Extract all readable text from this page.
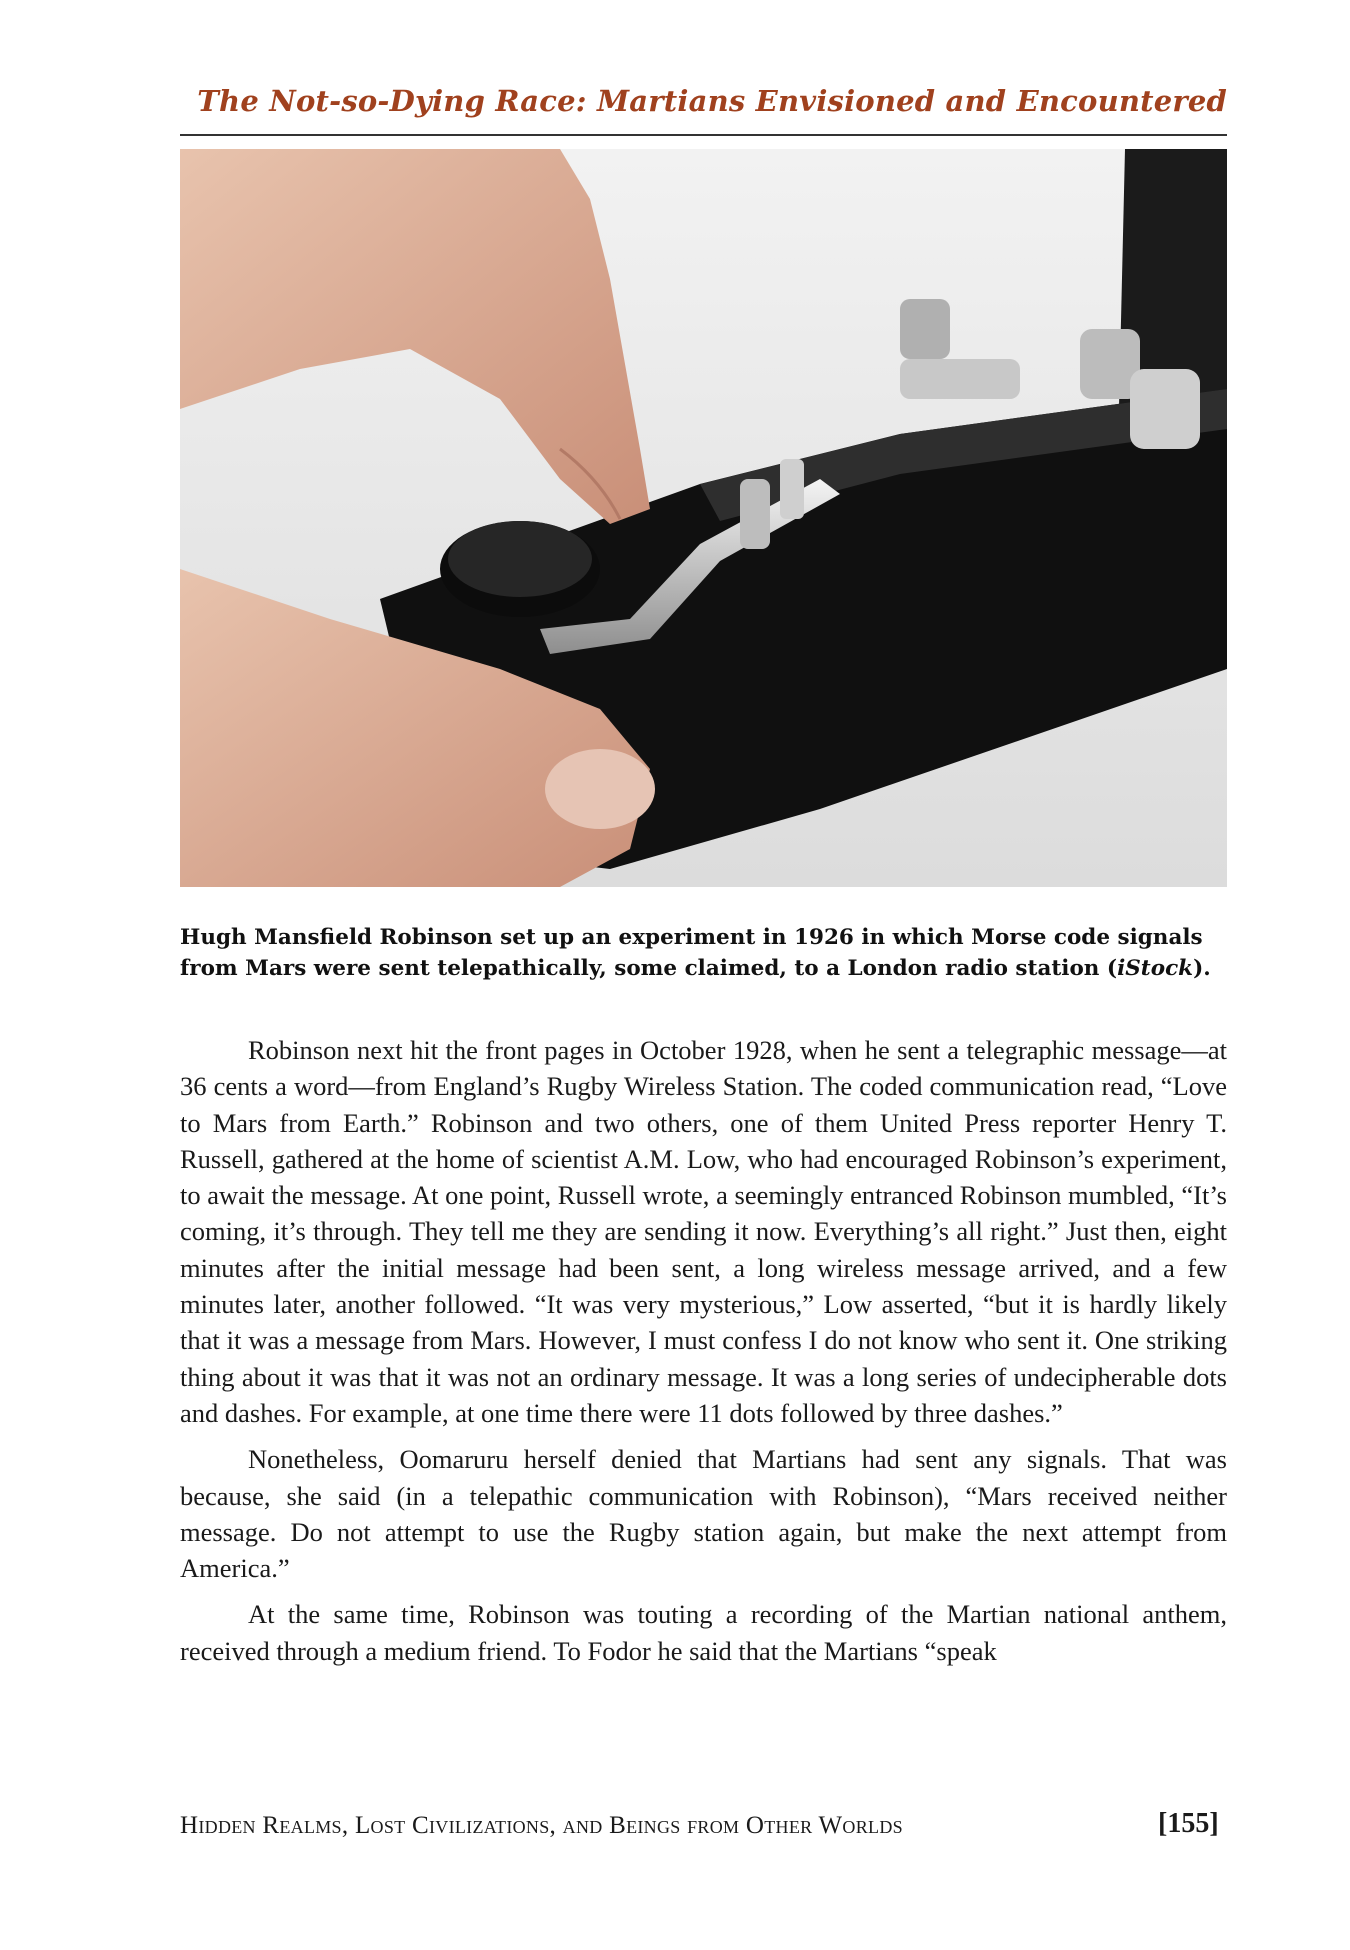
The Not-so-Dying Race: Martians Envisioned and Encountered
Hugh Mansfield Robinson set up an experiment in 1926 in which Morse code signals from Mars were sent telepathically, some claimed, to a London radio station (iStock).

Robinson next hit the front pages in October 1928, when he sent a telegraphic message—at 36 cents a word—from England’s Rugby Wireless Station. The coded communication read, “Love to Mars from Earth.” Robinson and two others, one of them United Press reporter Henry T. Russell, gathered at the home of scientist A.M. Low, who had encouraged Robinson’s experiment, to await the message. At one point, Russell wrote, a seemingly entranced Robinson mumbled, “It’s coming, it’s through. They tell me they are sending it now. Everything’s all right.” Just then, eight minutes after the initial message had been sent, a long wireless message arrived, and a few minutes later, another followed. “It was very mysterious,” Low asserted, “but it is hardly likely that it was a message from Mars. However, I must confess I do not know who sent it. One striking thing about it was that it was not an ordinary message. It was a long series of undecipherable dots and dashes. For example, at one time there were 11 dots followed by three dashes.”

Nonetheless, Oomaruru herself denied that Martians had sent any signals. That was because, she said (in a telepathic communication with Robinson), “Mars received neither message. Do not attempt to use the Rugby station again, but make the next attempt from America.”

At the same time, Robinson was touting a recording of the Martian national anthem, received through a medium friend. To Fodor he said that the Martians “speak

Hidden Realms, Lost Civilizations, and Beings from Other Worlds	[155]
